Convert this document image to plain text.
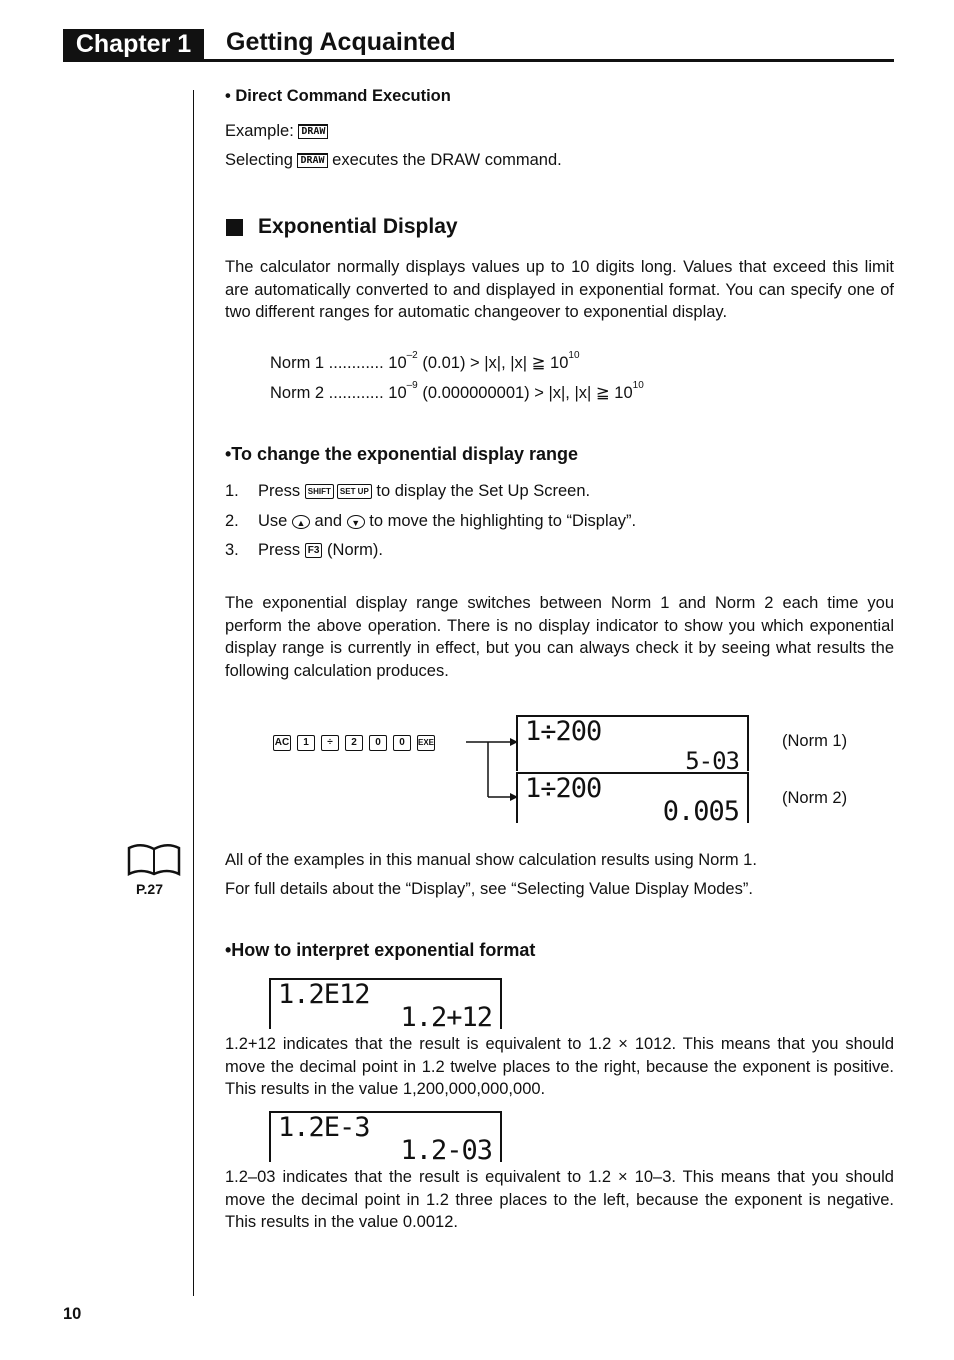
Chapter 1	Getting Acquainted
• Direct Command Execution
Example: DRAW
Selecting DRAW executes the DRAW command.
Exponential Display
The calculator normally displays values up to 10 digits long. Values that exceed this limit are automatically converted to and displayed in exponential format. You can specify one of two different ranges for automatic changeover to exponential display.
Norm 1 ............ $10^{-2}$ (0.01) > |x|, |x| ≧ $10^{10}$
Norm 2 ............ $10^{-9}$ (0.000000001) > |x|, |x| ≧ $10^{10}$
•To change the exponential display range
1. Press SHIFT SET UP to display the Set Up Screen.
2. Use ▲ and ▼ to move the highlighting to “Display”.
3. Press F3 (Norm).
The exponential display range switches between Norm 1 and Norm 2 each time you perform the above operation. There is no display indicator to show you which exponential display range is currently in effect, but you can always check it by seeing what results the following calculation produces.
AC 1 ÷ 2 0 0 EXE	1÷200
5-03
(Norm 1)
1÷200
0.005	(Norm 2)
P.27
All of the examples in this manual show calculation results using Norm 1.
For full details about the “Display”, see “Selecting Value Display Modes”.
•How to interpret exponential format
1.2E12
1.2+12
1.2+12 indicates that the result is equivalent to 1.2 × 1012. This means that you should move the decimal point in 1.2 twelve places to the right, because the exponent is positive. This results in the value 1,200,000,000,000.
1.2E-3
1.2-03
1.2–03 indicates that the result is equivalent to 1.2 × 10–3. This means that you should move the decimal point in 1.2 three places to the left, because the exponent is negative. This results in the value 0.0012.
10
